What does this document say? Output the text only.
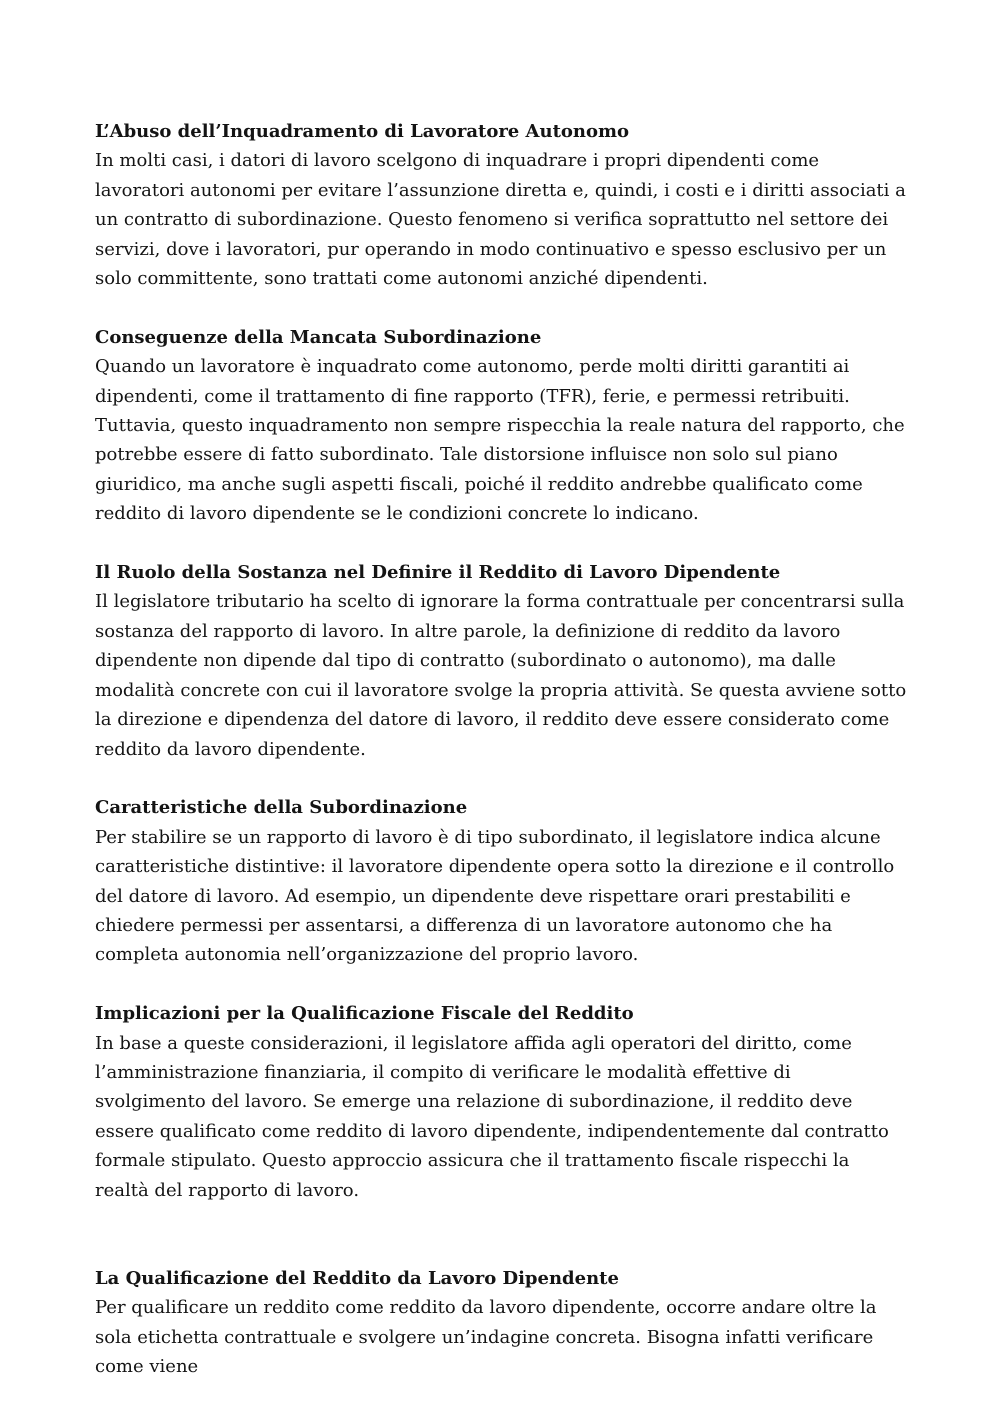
L’Abuso dell’Inquadramento di Lavoratore Autonomo

In molti casi, i datori di lavoro scelgono di inquadrare i propri dipendenti come lavoratori autonomi per evitare l’assunzione diretta e, quindi, i costi e i diritti associati a un contratto di subordinazione. Questo fenomeno si verifica soprattutto nel settore dei servizi, dove i lavoratori, pur operando in modo continuativo e spesso esclusivo per un solo committente, sono trattati come autonomi anziché dipendenti.

Conseguenze della Mancata Subordinazione

Quando un lavoratore è inquadrato come autonomo, perde molti diritti garantiti ai dipendenti, come il trattamento di fine rapporto (TFR), ferie, e permessi retribuiti. Tuttavia, questo inquadramento non sempre rispecchia la reale natura del rapporto, che potrebbe essere di fatto subordinato. Tale distorsione influisce non solo sul piano giuridico, ma anche sugli aspetti fiscali, poiché il reddito andrebbe qualificato come reddito di lavoro dipendente se le condizioni concrete lo indicano.

Il Ruolo della Sostanza nel Definire il Reddito di Lavoro Dipendente

Il legislatore tributario ha scelto di ignorare la forma contrattuale per concentrarsi sulla sostanza del rapporto di lavoro. In altre parole, la definizione di reddito da lavoro dipendente non dipende dal tipo di contratto (subordinato o autonomo), ma dalle modalità concrete con cui il lavoratore svolge la propria attività. Se questa avviene sotto la direzione e dipendenza del datore di lavoro, il reddito deve essere considerato come reddito da lavoro dipendente.

Caratteristiche della Subordinazione

Per stabilire se un rapporto di lavoro è di tipo subordinato, il legislatore indica alcune caratteristiche distintive: il lavoratore dipendente opera sotto la direzione e il controllo del datore di lavoro. Ad esempio, un dipendente deve rispettare orari prestabiliti e chiedere permessi per assentarsi, a differenza di un lavoratore autonomo che ha completa autonomia nell’organizzazione del proprio lavoro.

Implicazioni per la Qualificazione Fiscale del Reddito

In base a queste considerazioni, il legislatore affida agli operatori del diritto, come l’amministrazione finanziaria, il compito di verificare le modalità effettive di svolgimento del lavoro. Se emerge una relazione di subordinazione, il reddito deve essere qualificato come reddito di lavoro dipendente, indipendentemente dal contratto formale stipulato. Questo approccio assicura che il trattamento fiscale rispecchi la realtà del rapporto di lavoro.

La Qualificazione del Reddito da Lavoro Dipendente

Per qualificare un reddito come reddito da lavoro dipendente, occorre andare oltre la sola etichetta contrattuale e svolgere un’indagine concreta. Bisogna infatti verificare come viene
